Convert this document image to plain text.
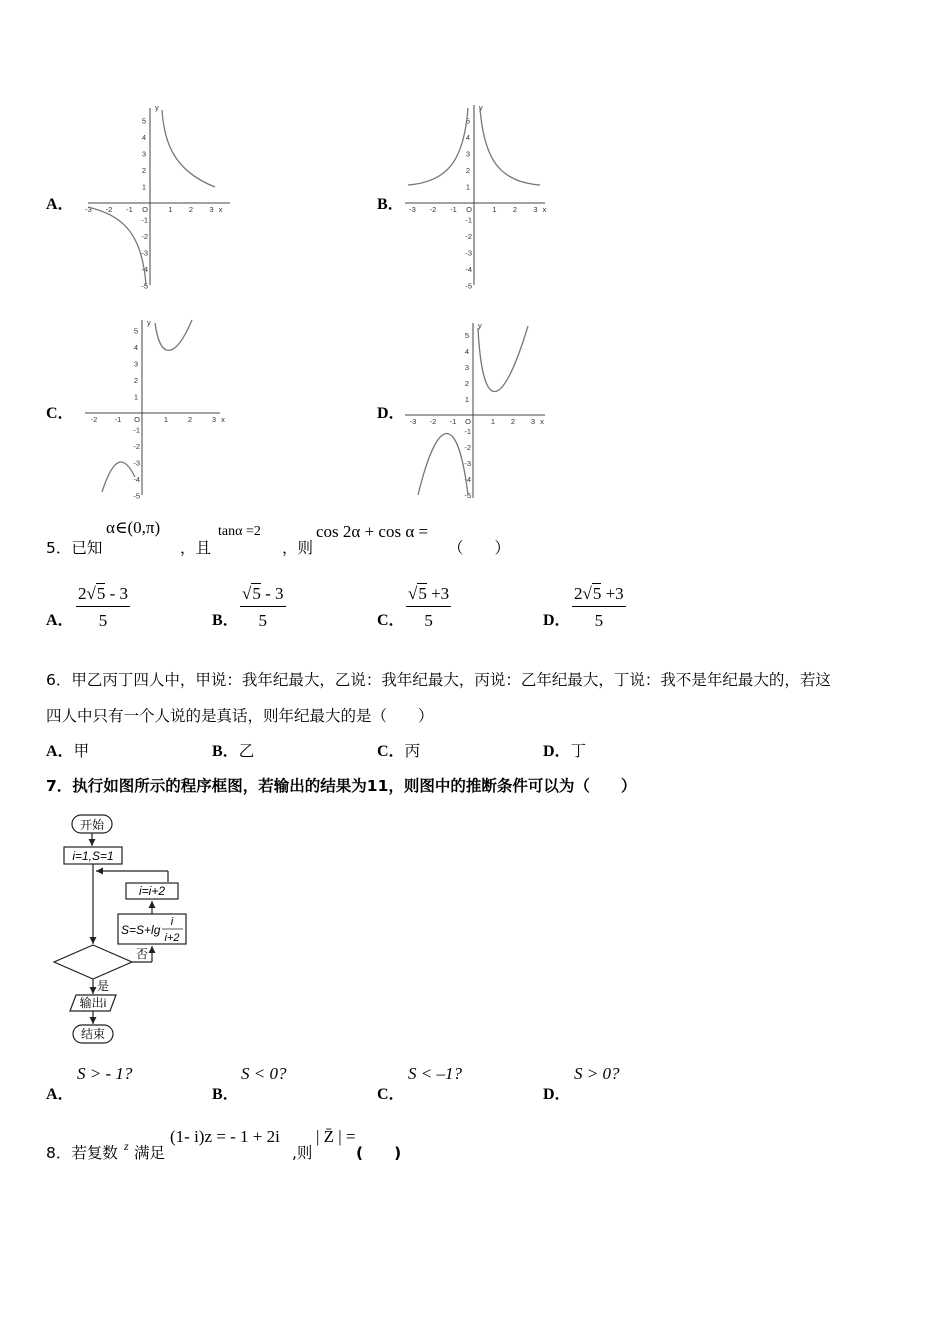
A．	B．
C．	D．
-3 -2 -1 O	1 2 3 x
5
4
3
2
1
-1
-2
-3
-4
-5
y
-3 -2 -1 O	1 2 3 x
5
4
3
2
1
-1
-2
-3
-4
-5
y
-2 -1 O	1	2	3 x
5
4
3
2
1
-1
-2
-3
-4
-5
y
-3 -2 -1 O	1 2 3 x
5
4
3
2
1
-1
-2
-3
-4
-5
y
5．已知
α∈(0,π)
，且
tanα =2
，则
cos 2α + cos α =
（　　）
A． $\frac{2√5 - 3}{5}$	B． $\frac{√5 - 3}{5}$	C． $\frac{√5 +3}{5}$	D． $\frac{2√5 +3}{5}$
6．甲乙丙丁四人中，甲说：我年纪最大，乙说：我年纪最大，丙说：乙年纪最大，丁说：我不是年纪最大的，若这
四人中只有一个人说的是真话，则年纪最大的是（　　）
A．甲	B．乙	C．丙	D．丁
7．执行如图所示的程序框图，若输出的结果为11，则图中的推断条件可以为（　　）
开始
i=1,S=1
i=i+2
S=S+lg
i
i+2
否
是
输出i
结束
A．
S > - 1?
B．
S < 0?
C．
S < –1?
D．
S > 0?
8．若复数 z 满足
(1- i)z = - 1 + 2i
,则
| Z̄ | =
(　　)
